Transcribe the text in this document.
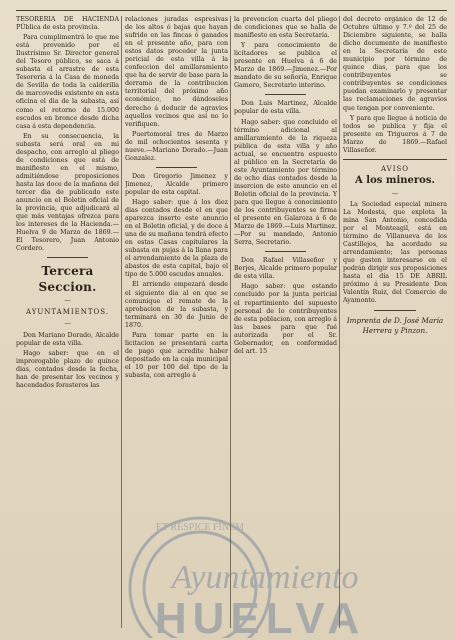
TESORERIA DE HACIENDA PÚblica de esta provincia.

Para cumplimentrá lo que me está prevenido por el Ilustrísimo Sr. Director general del Tesoro público, se saca á subasta el arrastre de esta Tesorería á la Casa de moneda de Sevilla de toda la calderilla de marcovedis existente en esta oficina el dia de la subasta, así como el retorno de 15.000 escudos en bronce desde dicha casa á esta dependencia.

En su consecuencia, la subasta será oral en mi despacho, con arreglo al pliego de condiciones que está de manifiesto en el mismo, admitiéndose proposiciones hasta las doce de la mañana del tercer dia de publicado este anuncio en el Boletin oficial de la provincia, que adjudicará al que más ventajas ofrezca para los intereses de la Hacienda.—Huelva 9 de Marzo de 1869.—El Tesorero, Juan Antonio Cordero.

Tercera Seccion.
—
AYUNTAMIENTOS.
—

Don Mariano Dorado, Alcalde popular de esta villa.

Hago saber: que en el improrogable plazo de quince dias, contados desde la fecha, han de presentar los vecinos y hacendados forasteros las

relaciones juradas espresivas de los altos ó bajas que hayan sufrido en las fincas ó ganados en el presente año, para con estos datos proceder la junta pericial de esta villa á la confeccion del amillaramiento que ha de servir de base para la derrama de la contribucion territorial del próximo año económico, no dándoseles derecho á deducir de agravios aquellos vecinos que así no lo verifiquen.

Puertomoral tres de Marzo de mil ochocientos sesenta y nueve.—Mariano Dorado.—Juan Gonzalez.

Don Gregorio Jimenez y Jimenez, Alcalde primero popular de esta capital.

Hago saber: que á los diez dias contados desde el en que aparezca inserto este anuncio en el Boletin oficial, y de doce á una de su mañana tendrá efecto en estas Casas capitulares la subasta en pujas á la llana para el arrendamiento de la plaza de abastos de esta capital, bajo el tipo de 5.000 escudos anuales.

El arriendo empezará desde el siguiente dia al en que se comunique el remate de la aprobacion de la subasta, y terminará en 30 de Junio de 1870.

Para tomar parte en la licitacion se presentará carta de pago que acredite haber depositado en la caja municipal el 10 por 100 del tipo de la subasta, con arreglo á

la prevencion cuarta del pliego de condiciones que se halla de manifiesto en esta Secretaría.

Y para conocimiento de licitadores se publica el presente en Huelva á 6 de Marzo de 1869.—Jimenez.—Por mandato de su señoría, Enrique Gamero, Secretario interino.

Don Luis Martinez, Alcalde popular de esta villa.

Hago saber: que concluido el término adicional al amillaramiento de la riqueza pública de esta villa y año actual, se encuentra espuesto al público en la Secretaría de este Ayuntamiento por término de ocho dias contados desde la insercion de este anuncio en el Boletin oficial de la provincia. Y para que llegue á conocimiento de los contribuyentes se firma el presente en Galaroza á 6 de Marzo de 1869.—Luis Martinez.—Por su mandado, Antonio Serra, Secretario.

Don Rafael Villaseñor y Berjes, Alcalde primero popular de esta villa.

Hago saber: que estando concluido por la junta pericial el repartimiento del supuesto personal de lo contribuyentes de esta poblacion, con arreglo á las bases para que fué autorizada por el Sr. Gobernador, en conformidad del art. 15

del decreto orgánico de 12 de Octubre último y 7.º del 25 de Diciembre siguiente, se halla dicho documento de manifiesto en la Secretaría de este municipio por término de quince dias, para que los contribuyentes se contribuyentes se condiciones puedan examinarlo y presentar las reclamaciones de agravios que tengan por conveniente.

Y para que llegue á noticia de todos se publica y fija el presente en Trigueros á 7 de Marzo de 1869.—Rafael Villaseñor.

AVISO
A los mineros.
—

La Sociedad especial minera La Modesta, que explota la mina San Antonio, concedida por el Monteagil, está en término de Villanueva de los Castillejos, ha acordado su arrendamiento; las personas que gusten interesarse en el podrán dirigir sus proposiciones hasta el día 15 DE ABRIL próximo á su Presidente Don Valentín Ruiz, del Comercio de Ayamonte.

Imprenta de D. José María
Herrera y Pinzon.
ET RESPICE FINEM
Ayuntamiento
HUELVA
